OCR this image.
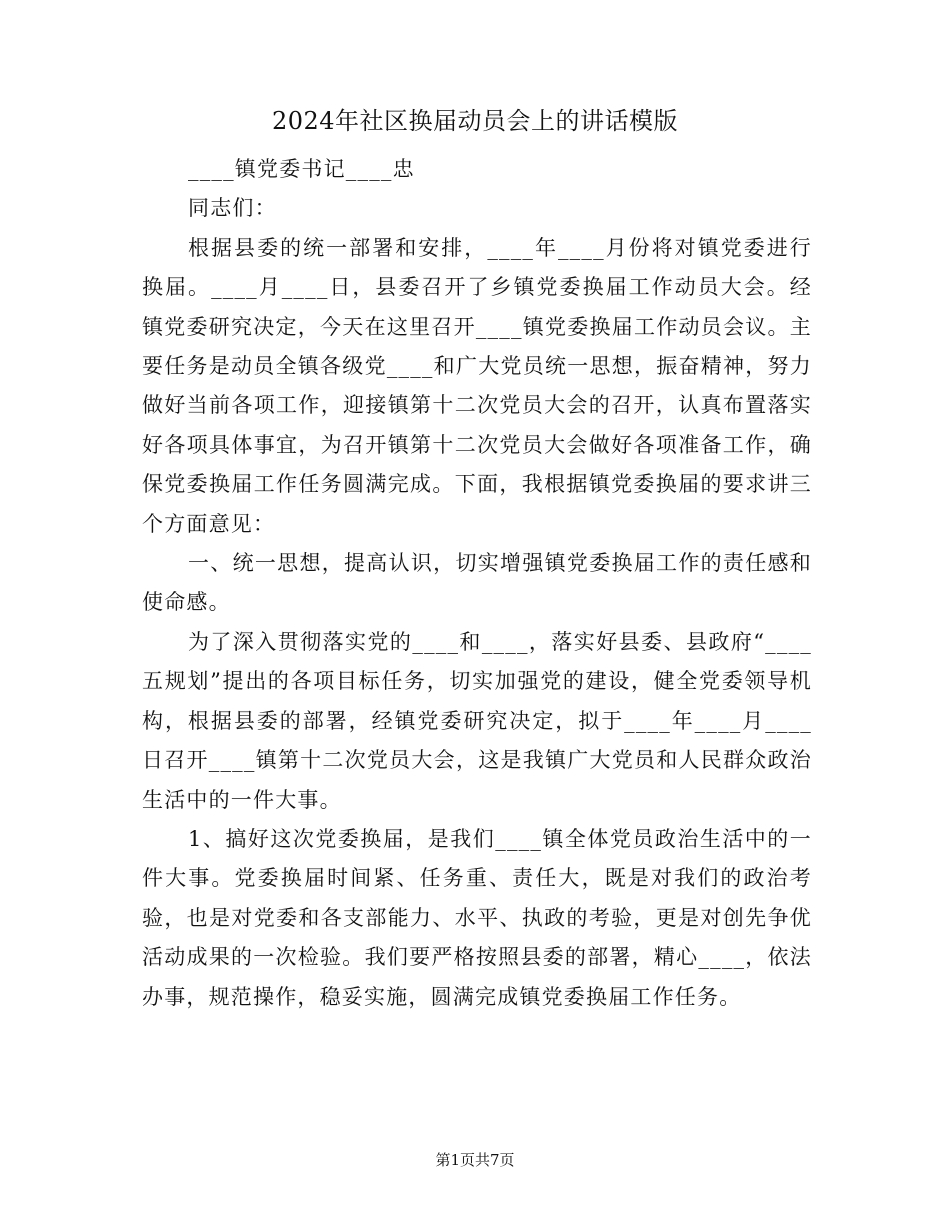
2024年社区换届动员会上的讲话模版

____镇党委书记____忠

同志们：

根据县委的统一部署和安排，____年____月份将对镇党委进行换届。____月____日，县委召开了乡镇党委换届工作动员大会。经镇党委研究决定，今天在这里召开____镇党委换届工作动员会议。主要任务是动员全镇各级党____和广大党员统一思想，振奋精神，努力做好当前各项工作，迎接镇第十二次党员大会的召开，认真布置落实好各项具体事宜，为召开镇第十二次党员大会做好各项准备工作，确保党委换届工作任务圆满完成。下面，我根据镇党委换届的要求讲三个方面意见：

一、统一思想，提高认识，切实增强镇党委换届工作的责任感和使命感。

为了深入贯彻落实党的____和____，落实好县委、县政府“____五规划”提出的各项目标任务，切实加强党的建设，健全党委领导机构，根据县委的部署，经镇党委研究决定，拟于____年____月____日召开____镇第十二次党员大会，这是我镇广大党员和人民群众政治生活中的一件大事。

1、搞好这次党委换届，是我们____镇全体党员政治生活中的一件大事。党委换届时间紧、任务重、责任大，既是对我们的政治考验，也是对党委和各支部能力、水平、执政的考验，更是对创先争优活动成果的一次检验。我们要严格按照县委的部署，精心____，依法办事，规范操作，稳妥实施，圆满完成镇党委换届工作任务。

第1页共7页
